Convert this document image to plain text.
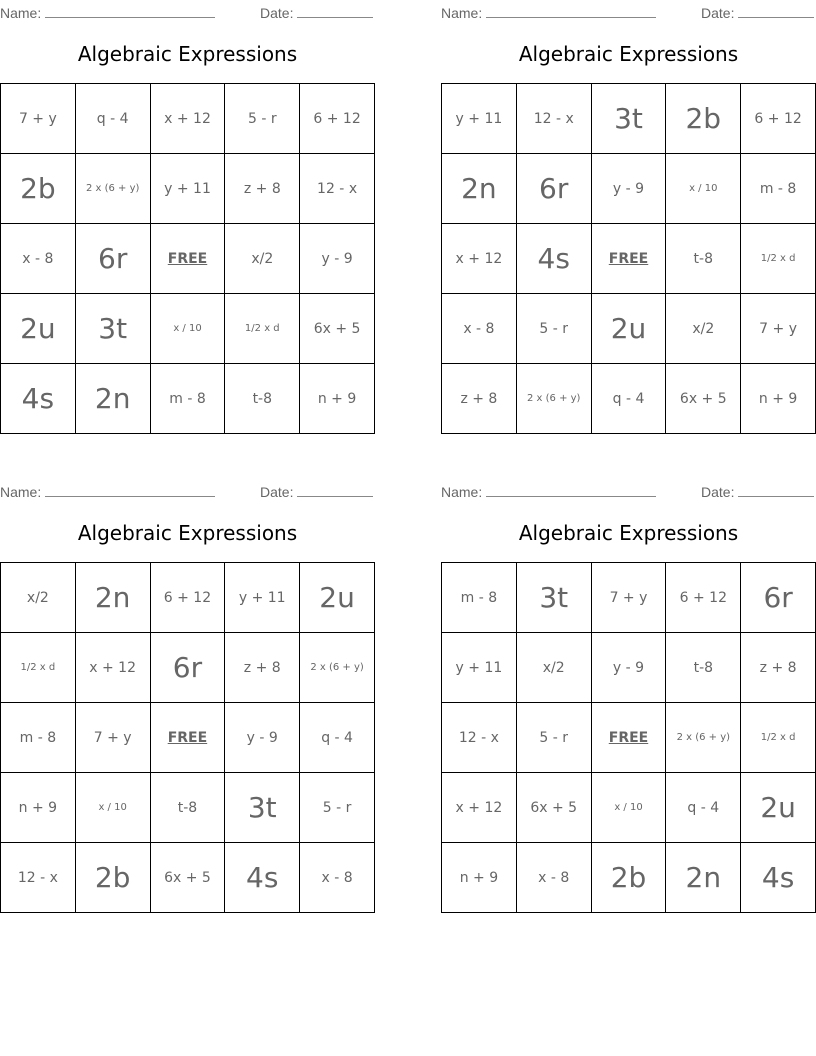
Name:	Date:
Algebraic Expressions
7 + y	q - 4	x + 12	5 - r	6 + 12
2b	2 x (6 + y)	y + 11	z + 8	12 - x
x - 8	6r	FREE	x/2	y - 9
2u	3t	x / 10	1/2 x d	6x + 5
4s	2n	m - 8	t-8	n + 9
Name:	Date:
Algebraic Expressions
y + 11	12 - x	3t	2b	6 + 12
2n	6r	y - 9	x / 10	m - 8
x + 12	4s	FREE	t-8	1/2 x d
x - 8	5 - r	2u	x/2	7 + y
z + 8	2 x (6 + y)	q - 4	6x + 5	n + 9
Name:	Date:
Algebraic Expressions
x/2	2n	6 + 12	y + 11	2u
1/2 x d	x + 12	6r	z + 8	2 x (6 + y)
m - 8	7 + y	FREE	y - 9	q - 4
n + 9	x / 10	t-8	3t	5 - r
12 - x	2b	6x + 5	4s	x - 8
Name:	Date:
Algebraic Expressions
m - 8	3t	7 + y	6 + 12	6r
y + 11	x/2	y - 9	t-8	z + 8
12 - x	5 - r	FREE	2 x (6 + y)	1/2 x d
x + 12	6x + 5	x / 10	q - 4	2u
n + 9	x - 8	2b	2n	4s
